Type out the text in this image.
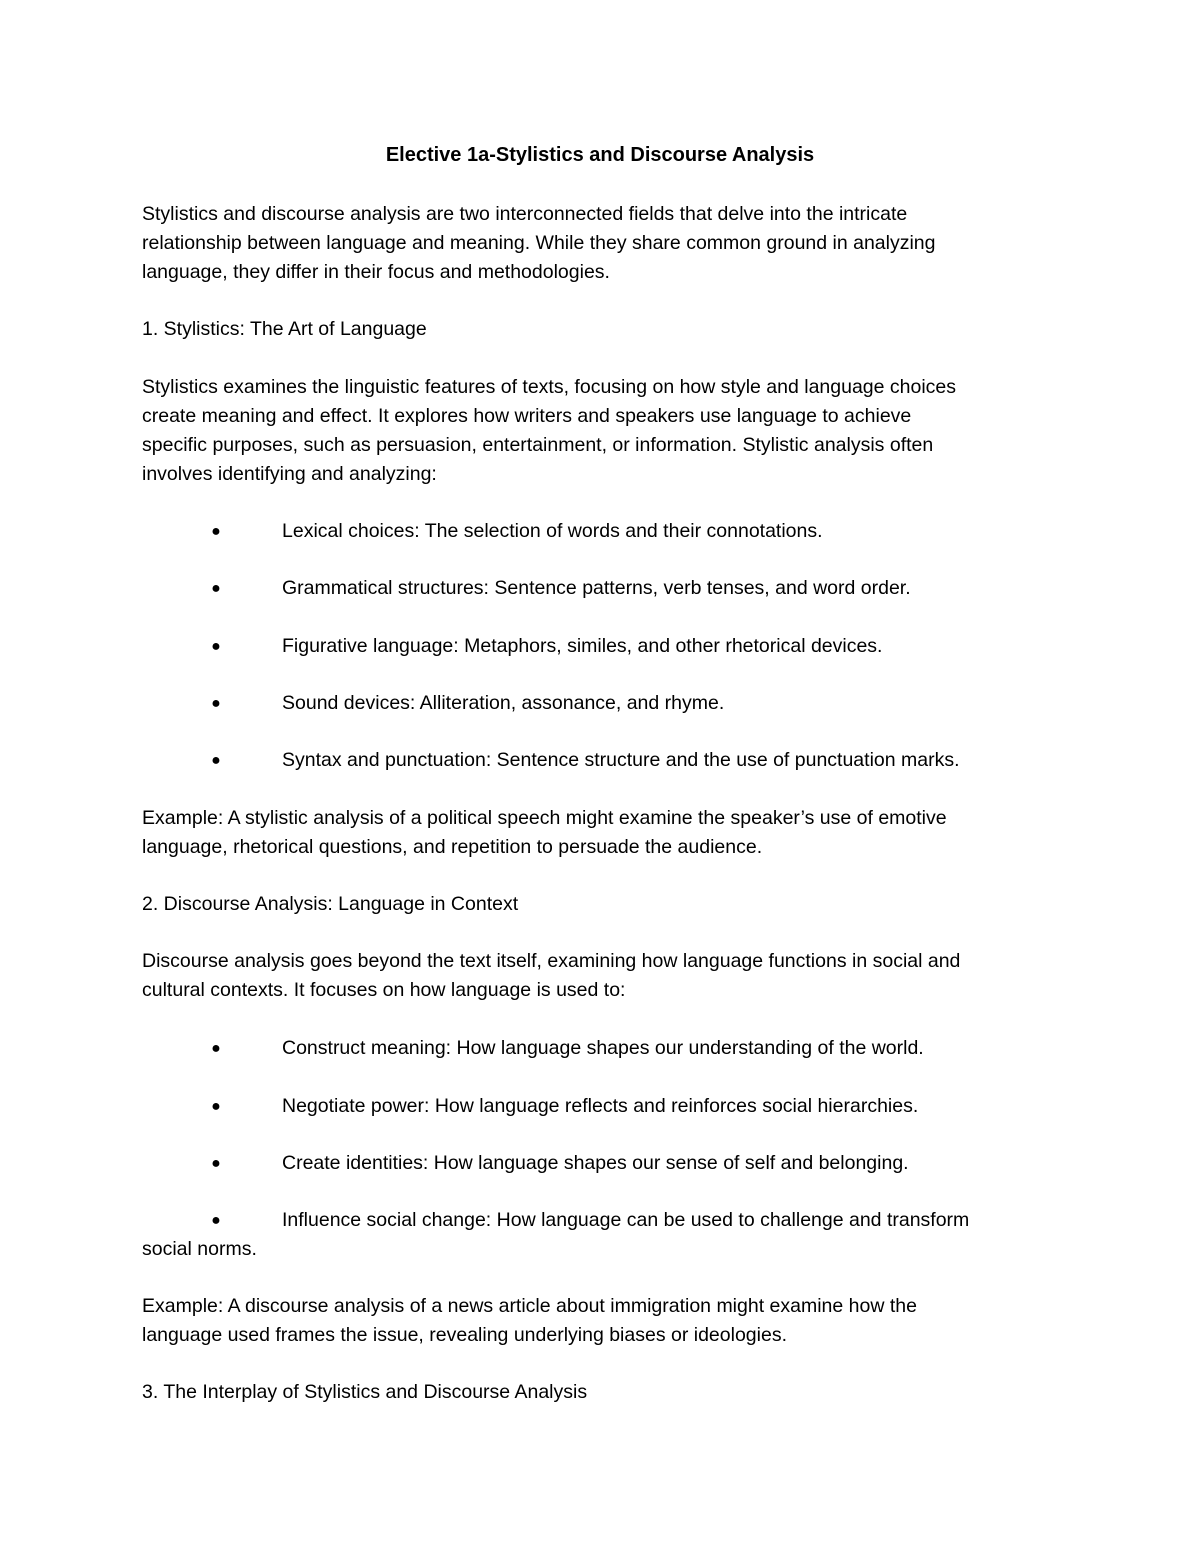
Elective 1a-Stylistics and Discourse Analysis

Stylistics and discourse analysis are two interconnected fields that delve into the intricate

relationship between language and meaning. While they share common ground in analyzing

language, they differ in their focus and methodologies.

1. Stylistics: The Art of Language

Stylistics examines the linguistic features of texts, focusing on how style and language choices

create meaning and effect. It explores how writers and speakers use language to achieve

specific purposes, such as persuasion, entertainment, or information. Stylistic analysis often

involves identifying and analyzing:

●	Lexical choices: The selection of words and their connotations.

●	Grammatical structures: Sentence patterns, verb tenses, and word order.

●	Figurative language: Metaphors, similes, and other rhetorical devices.

●	Sound devices: Alliteration, assonance, and rhyme.

●	Syntax and punctuation: Sentence structure and the use of punctuation marks.

Example: A stylistic analysis of a political speech might examine the speaker’s use of emotive

language, rhetorical questions, and repetition to persuade the audience.

2. Discourse Analysis: Language in Context

Discourse analysis goes beyond the text itself, examining how language functions in social and

cultural contexts. It focuses on how language is used to:

●	Construct meaning: How language shapes our understanding of the world.

●	Negotiate power: How language reflects and reinforces social hierarchies.

●	Create identities: How language shapes our sense of self and belonging.

●	Influence social change: How language can be used to challenge and transform

social norms.

Example: A discourse analysis of a news article about immigration might examine how the

language used frames the issue, revealing underlying biases or ideologies.

3. The Interplay of Stylistics and Discourse Analysis
